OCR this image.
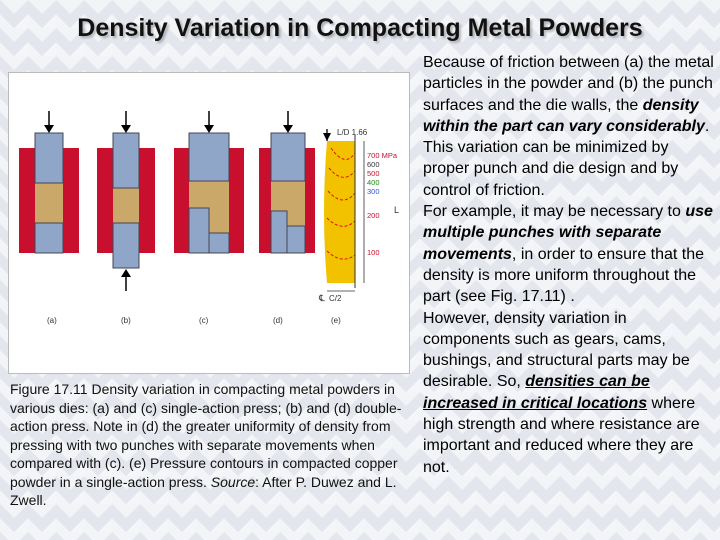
Density Variation in Compacting Metal Powders
L/D 1.66
700 MPa
600
500
400
300
200
100
L
C/2
℄
(a)	(b)	(c)	(d)	(e)
Figure 17.11 Density variation in compacting metal powders in various dies: (a) and (c) single-action press; (b) and (d) double-action press. Note in (d) the greater uniformity of density from pressing with two punches with separate movements when compared with (c). (e) Pressure contours in compacted copper powder in a single-action press. Source: After P. Duwez and L. Zwell.
Because of friction between (a) the metal particles in the powder and (b) the punch surfaces and the die walls, the density within the part can vary considerably. This variation can be minimized by proper punch and die design and by control of friction.
For example, it may be necessary to use multiple punches with separate movements, in order to ensure that the density is more uniform throughout the part (see Fig. 17.11) .
However, density variation in components such as gears, cams, bushings, and structural parts may be desirable. So, densities can be increased in critical locations where high strength and where resistance are important and reduced where they are not.
